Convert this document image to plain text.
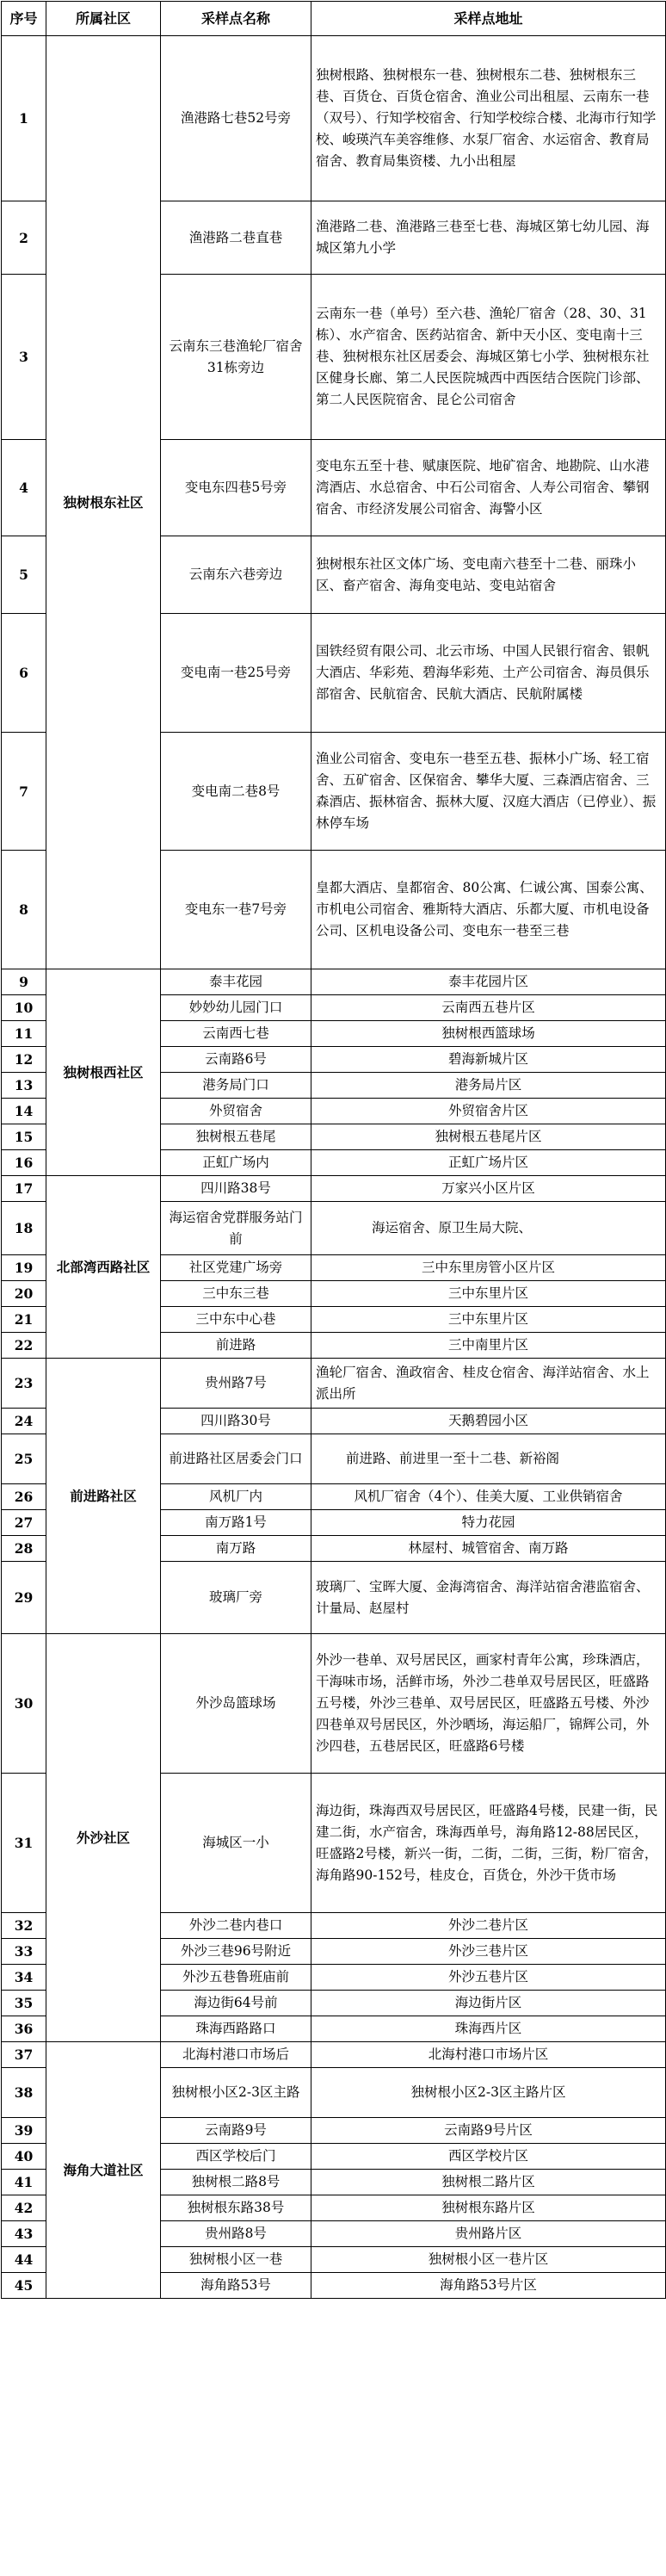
序号	所属社区	采样点名称	采样点地址
1	独树根东社区	渔港路七巷52号旁	独树根路、独树根东一巷、独树根东二巷、独树根东三巷、百货仓、百货仓宿舍、渔业公司出租屋、云南东一巷（双号）、行知学校宿舍、行知学校综合楼、北海市行知学校、峻瑛汽车美容维修、水泵厂宿舍、水运宿舍、教育局宿舍、教育局集资楼、九小出租屋
2		渔港路二巷直巷	渔港路二巷、渔港路三巷至七巷、海城区第七幼儿园、海城区第九小学
3		云南东三巷渔轮厂宿舍31栋旁边	云南东一巷（单号）至六巷、渔轮厂宿舍（28、30、31栋）、水产宿舍、医药站宿舍、新中天小区、变电南十三巷、独树根东社区居委会、海城区第七小学、独树根东社区健身长廊、第二人民医院城西中西医结合医院门诊部、第二人民医院宿舍、昆仑公司宿舍
4		变电东四巷5号旁	变电东五至十巷、赋康医院、地矿宿舍、地勘院、山水港湾酒店、水总宿舍、中石公司宿舍、人寿公司宿舍、攀钢宿舍、市经济发展公司宿舍、海警小区
5		云南东六巷旁边	独树根东社区文体广场、变电南六巷至十二巷、丽珠小区、畜产宿舍、海角变电站、变电站宿舍
6		变电南一巷25号旁	国铁经贸有限公司、北云市场、中国人民银行宿舍、银帆大酒店、华彩苑、碧海华彩苑、土产公司宿舍、海员俱乐部宿舍、民航宿舍、民航大酒店、民航附属楼
7		变电南二巷8号	渔业公司宿舍、变电东一巷至五巷、振林小广场、轻工宿舍、五矿宿舍、区保宿舍、攀华大厦、三森酒店宿舍、三森酒店、振林宿舍、振林大厦、汉庭大酒店（已停业）、振林停车场
8		变电东一巷7号旁	皇都大酒店、皇都宿舍、80公寓、仁诚公寓、国泰公寓、市机电公司宿舍、雅斯特大酒店、乐都大厦、市机电设备公司、区机电设备公司、变电东一巷至三巷
9	独树根西社区	泰丰花园	泰丰花园片区
10		妙妙幼儿园门口	云南西五巷片区
11		云南西七巷	独树根西篮球场
12		云南路6号	碧海新城片区
13		港务局门口	港务局片区
14		外贸宿舍	外贸宿舍片区
15		独树根五巷尾	独树根五巷尾片区
16		正虹广场内	正虹广场片区
17	北部湾西路社区	四川路38号	万家兴小区片区
18		海运宿舍党群服务站门前	海运宿舍、原卫生局大院、
19		社区党建广场旁	三中东里房管小区片区
20		三中东三巷	三中东里片区
21		三中东中心巷	三中东里片区
22		前进路	三中南里片区
23	前进路社区	贵州路7号	渔轮厂宿舍、渔政宿舍、桂皮仓宿舍、海洋站宿舍、水上派出所
24		四川路30号	天鹅碧园小区
25		前进路社区居委会门口	前进路、前进里一至十二巷、新裕阁
26		风机厂内	风机厂宿舍（4个）、佳美大厦、工业供销宿舍
27		南万路1号	特力花园
28		南万路	林屋村、城管宿舍、南万路
29		玻璃厂旁	玻璃厂、宝晖大厦、金海湾宿舍、海洋站宿舍港监宿舍、计量局、赵屋村
30	外沙社区	外沙岛篮球场	外沙一巷单、双号居民区，画家村青年公寓，珍珠酒店，干海味市场，活鲜市场，外沙二巷单双号居民区，旺盛路五号楼，外沙三巷单、双号居民区，旺盛路五号楼、外沙四巷单双号居民区，外沙晒场，海运船厂，锦辉公司，外沙四巷，五巷居民区，旺盛路6号楼
31		海城区一小	海边街，珠海西双号居民区，旺盛路4号楼，民建一街，民建二街，水产宿舍，珠海西单号，海角路12-88居民区，旺盛路2号楼，新兴一街，二街，二街，三街，粉厂宿舍，海角路90-152号，桂皮仓，百货仓，外沙干货市场
32		外沙二巷内巷口	外沙二巷片区
33		外沙三巷96号附近	外沙三巷片区
34		外沙五巷鲁班庙前	外沙五巷片区
35		海边街64号前	海边街片区
36		珠海西路路口	珠海西片区
37	海角大道社区	北海村港口市场后	北海村港口市场片区
38		独树根小区2-3区主路	独树根小区2-3区主路片区
39		云南路9号	云南路9号片区
40		西区学校后门	西区学校片区
41		独树根二路8号	独树根二路片区
42		独树根东路38号	独树根东路片区
43		贵州路8号	贵州路片区
44		独树根小区一巷	独树根小区一巷片区
45		海角路53号	海角路53号片区
